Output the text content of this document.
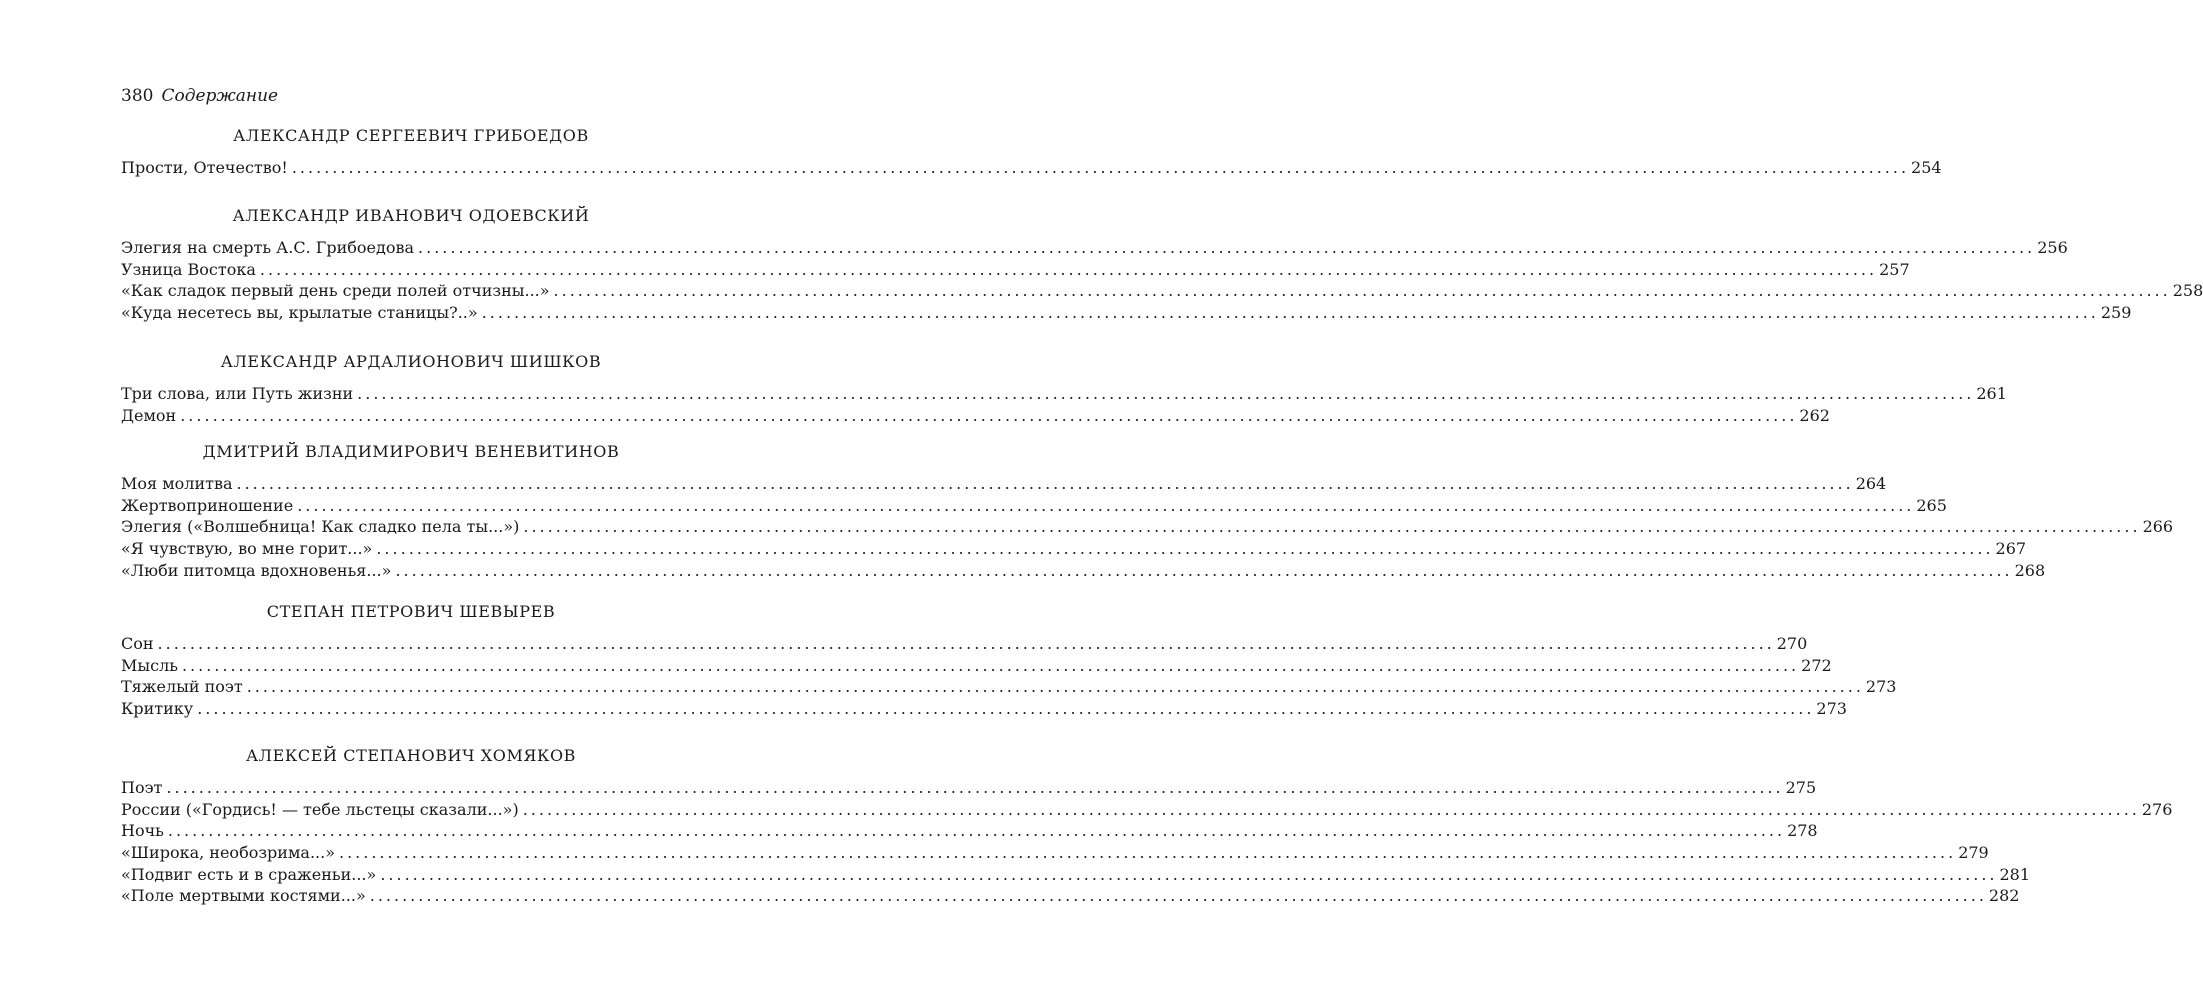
380 Содержание
АЛЕКСАНДР СЕРГЕЕВИЧ ГРИБОЕДОВ
Прости, Отечество! ........................................................................................................................................................................................................ 254
АЛЕКСАНДР ИВАНОВИЧ ОДОЕВСКИЙ
Элегия на смерть А.С. Грибоедова ........................................................................................................................................................................................................ 256
Узница Востока ........................................................................................................................................................................................................ 257
«Как сладок первый день среди полей отчизны...» ........................................................................................................................................................................................................ 258
«Куда несетесь вы, крылатые станицы?..» ........................................................................................................................................................................................................ 259
АЛЕКСАНДР АРДАЛИОНОВИЧ ШИШКОВ
Три слова, или Путь жизни ........................................................................................................................................................................................................ 261
Демон ........................................................................................................................................................................................................ 262
ДМИТРИЙ ВЛАДИМИРОВИЧ ВЕНЕВИТИНОВ
Моя молитва ........................................................................................................................................................................................................ 264
Жертвоприношение ........................................................................................................................................................................................................ 265
Элегия («Волшебница! Как сладко пела ты...») ........................................................................................................................................................................................................ 266
«Я чувствую, во мне горит...» ........................................................................................................................................................................................................ 267
«Люби питомца вдохновенья...» ........................................................................................................................................................................................................ 268
СТЕПАН ПЕТРОВИЧ ШЕВЫРЕВ
Сон ........................................................................................................................................................................................................ 270
Мысль ........................................................................................................................................................................................................ 272
Тяжелый поэт ........................................................................................................................................................................................................ 273
Критику ........................................................................................................................................................................................................ 273
АЛЕКСЕЙ СТЕПАНОВИЧ ХОМЯКОВ
Поэт ........................................................................................................................................................................................................ 275
России («Гордись! — тебе льстецы сказали...») ........................................................................................................................................................................................................ 276
Ночь ........................................................................................................................................................................................................ 278
«Широка, необозрима...» ........................................................................................................................................................................................................ 279
«Подвиг есть и в сраженьи...» ........................................................................................................................................................................................................ 281
«Поле мертвыми костями...» ........................................................................................................................................................................................................ 282
